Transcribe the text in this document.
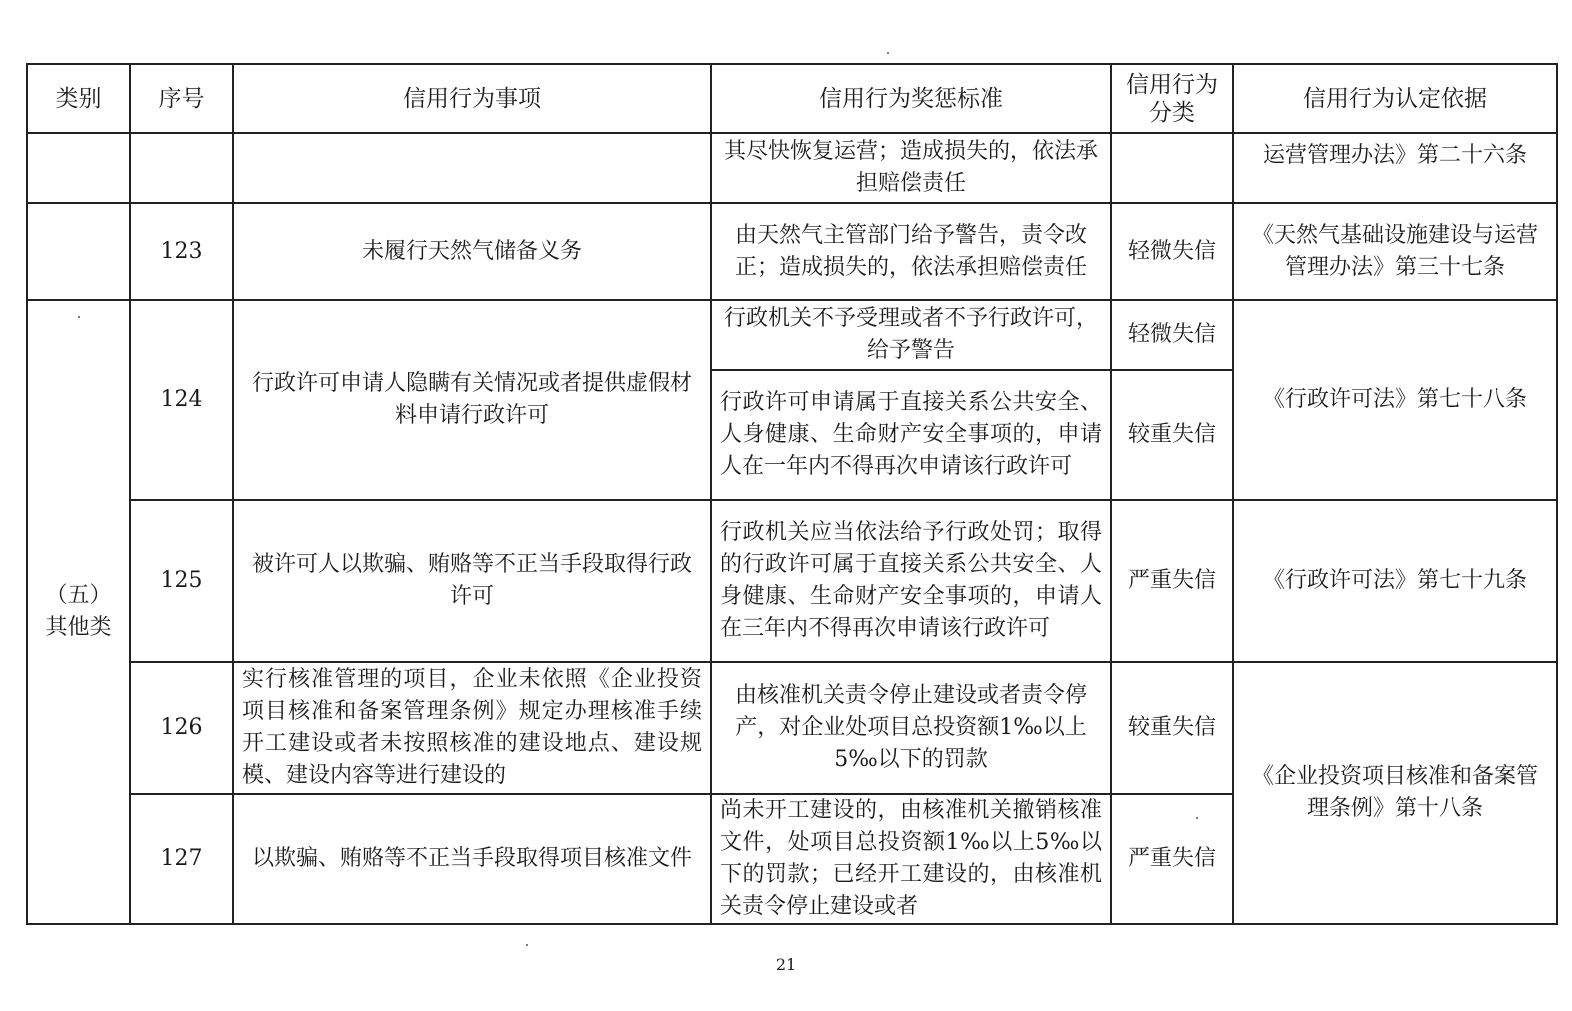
类别	序号	信用行为事项	信用行为奖惩标准	信用行为分类	信用行为认定依据
			其尽快恢复运营；造成损失的，依法承担赔偿责任		运营管理办法》第二十六条
	123	未履行天然气储备义务	由天然气主管部门给予警告，责令改正；造成损失的，依法承担赔偿责任	轻微失信	《天然气基础设施建设与运营管理办法》第三十七条
（五）其他类	124	行政许可申请人隐瞒有关情况或者提供虚假材料申请行政许可	行政机关不予受理或者不予行政许可，给予警告	轻微失信	《行政许可法》第七十八条
			行政许可申请属于直接关系公共安全、人身健康、生命财产安全事项的，申请人在一年内不得再次申请该行政许可	较重失信	
	125	被许可人以欺骗、贿赂等不正当手段取得行政许可	行政机关应当依法给予行政处罚；取得的行政许可属于直接关系公共安全、人身健康、生命财产安全事项的，申请人在三年内不得再次申请该行政许可	严重失信	《行政许可法》第七十九条
	126	实行核准管理的项目，企业未依照《企业投资项目核准和备案管理条例》规定办理核准手续开工建设或者未按照核准的建设地点、建设规模、建设内容等进行建设的	由核准机关责令停止建设或者责令停产，对企业处项目总投资额1‰以上5‰以下的罚款	较重失信	《企业投资项目核准和备案管理条例》第十八条
	127	以欺骗、贿赂等不正当手段取得项目核准文件	尚未开工建设的，由核准机关撤销核准文件，处项目总投资额1‰以上5‰以下的罚款；已经开工建设的，由核准机关责令停止建设或者	严重失信	
21
